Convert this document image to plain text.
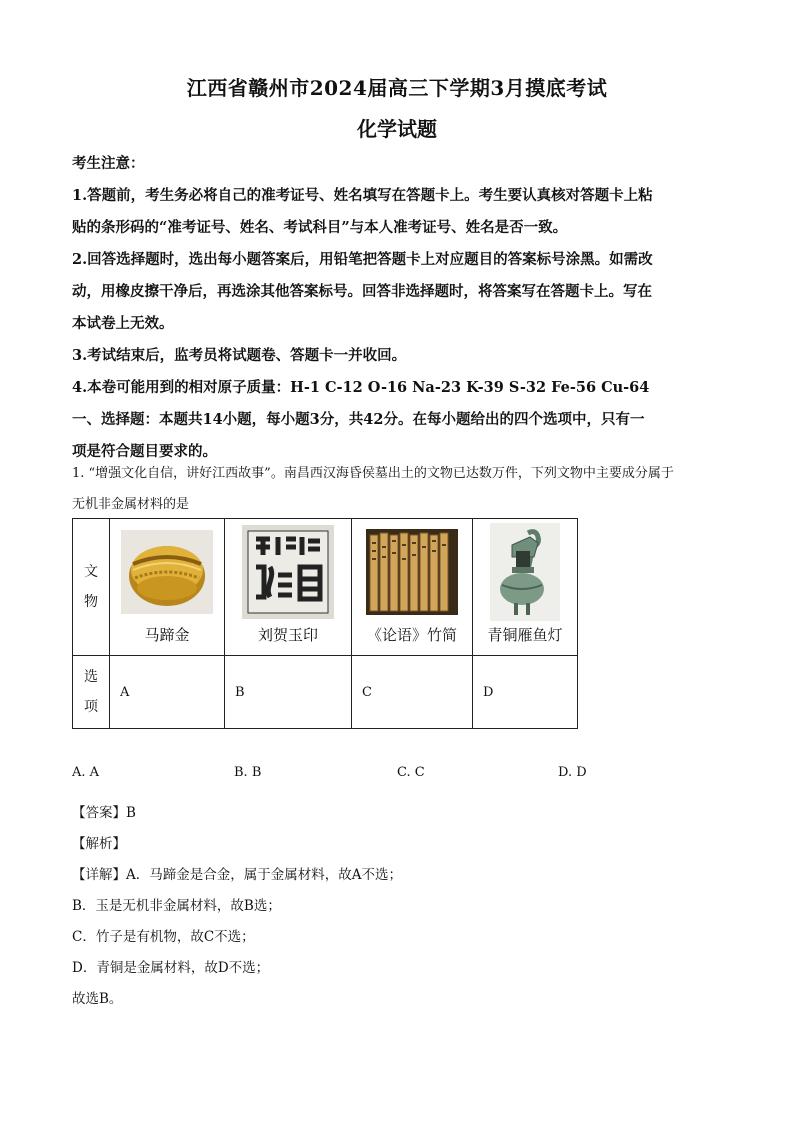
江西省赣州市2024届高三下学期3月摸底考试
化学试题

考生注意：

1.答题前，考生务必将自己的准考证号、姓名填写在答题卡上。考生要认真核对答题卡上粘

贴的条形码的“准考证号、姓名、考试科目”与本人准考证号、姓名是否一致。

2.回答选择题时，选出每小题答案后，用铅笔把答题卡上对应题目的答案标号涂黑。如需改

动，用橡皮擦干净后，再选涂其他答案标号。回答非选择题时，将答案写在答题卡上。写在

本试卷上无效。

3.考试结束后，监考员将试题卷、答题卡一并收回。

4.本卷可能用到的相对原子质量：H-1 C-12 O-16 Na-23 K-39 S-32 Fe-56 Cu-64

一、选择题：本题共14小题，每小题3分，共42分。在每小题给出的四个选项中，只有一

项是符合题目要求的。

1. “增强文化自信，讲好江西故事”。南昌西汉海昏侯墓出土的文物已达数万件，下列文物中主要成分属于

无机非金属材料的是

文
物	马蹄金	刘贺玉印	《论语》竹简	青铜雁鱼灯

选
项	A	B	C	D
A. A	B. B	C. C	D. D

【答案】B

【解析】

【详解】A．马蹄金是合金，属于金属材料，故A不选；

B．玉是无机非金属材料，故B选；

C．竹子是有机物，故C不选；

D．青铜是金属材料，故D不选；

故选B。
